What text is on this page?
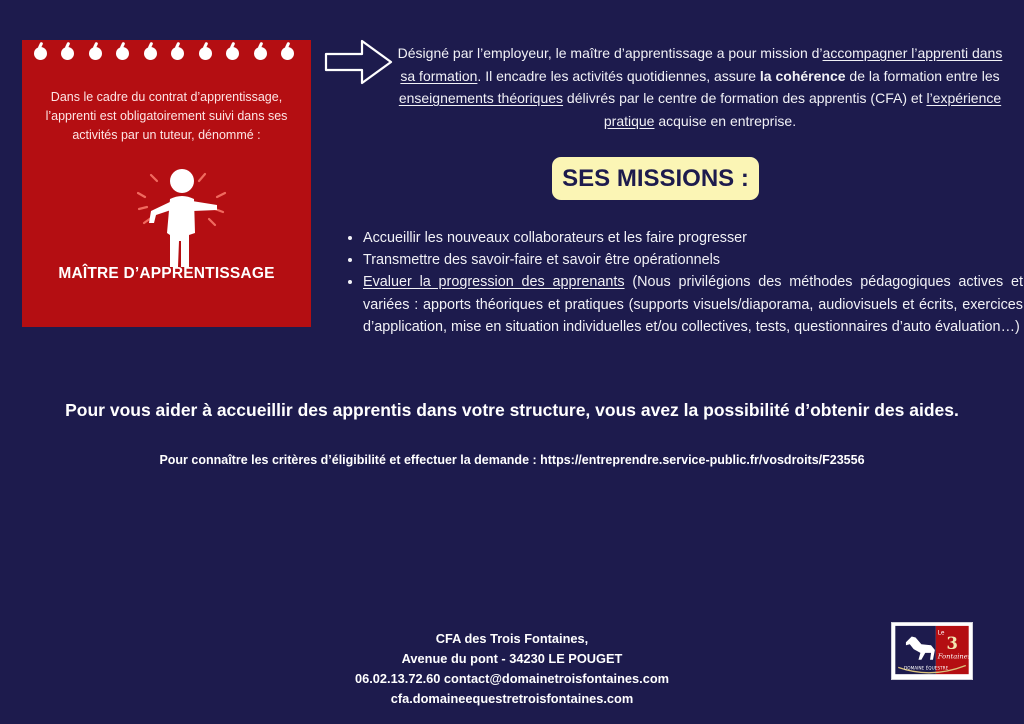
Dans le cadre du contrat d’apprentissage, l’apprenti est obligatoirement suivi dans ses activités par un tuteur, dénommé :
MAÎTRE D’APPRENTISSAGE
Désigné par l’employeur, le maître d’apprentissage a pour mission d’accompagner l’apprenti dans sa formation. Il encadre les activités quotidiennes, assure la cohérence de la formation entre les enseignements théoriques délivrés par le centre de formation des apprentis (CFA) et l’expérience pratique acquise en entreprise.
SES MISSIONS :
• Accueillir les nouveaux collaborateurs et les faire progresser
• Transmettre des savoir-faire et savoir être opérationnels
• Evaluer la progression des apprenants (Nous privilégions des méthodes pédagogiques actives et variées : apports théoriques et pratiques (supports visuels/diaporama, audiovisuels et écrits, exercices d’application, mise en situation individuelles et/ou collectives, tests, questionnaires d’auto évaluation…)
Pour vous aider à accueillir des apprentis dans votre structure, vous avez la possibilité d’obtenir des aides.
Pour connaître les critères d’éligibilité et effectuer la demande : https://entreprendre.service-public.fr/vosdroits/F23556
CFA des Trois Fontaines,
Avenue du pont - 34230 LE POUGET
06.02.13.72.60 contact@domainetroisfontaines.com
cfa.domaineequestretroisfontaines.com
Le
3
Fontaines
DOMAINE ÉQUESTRE
